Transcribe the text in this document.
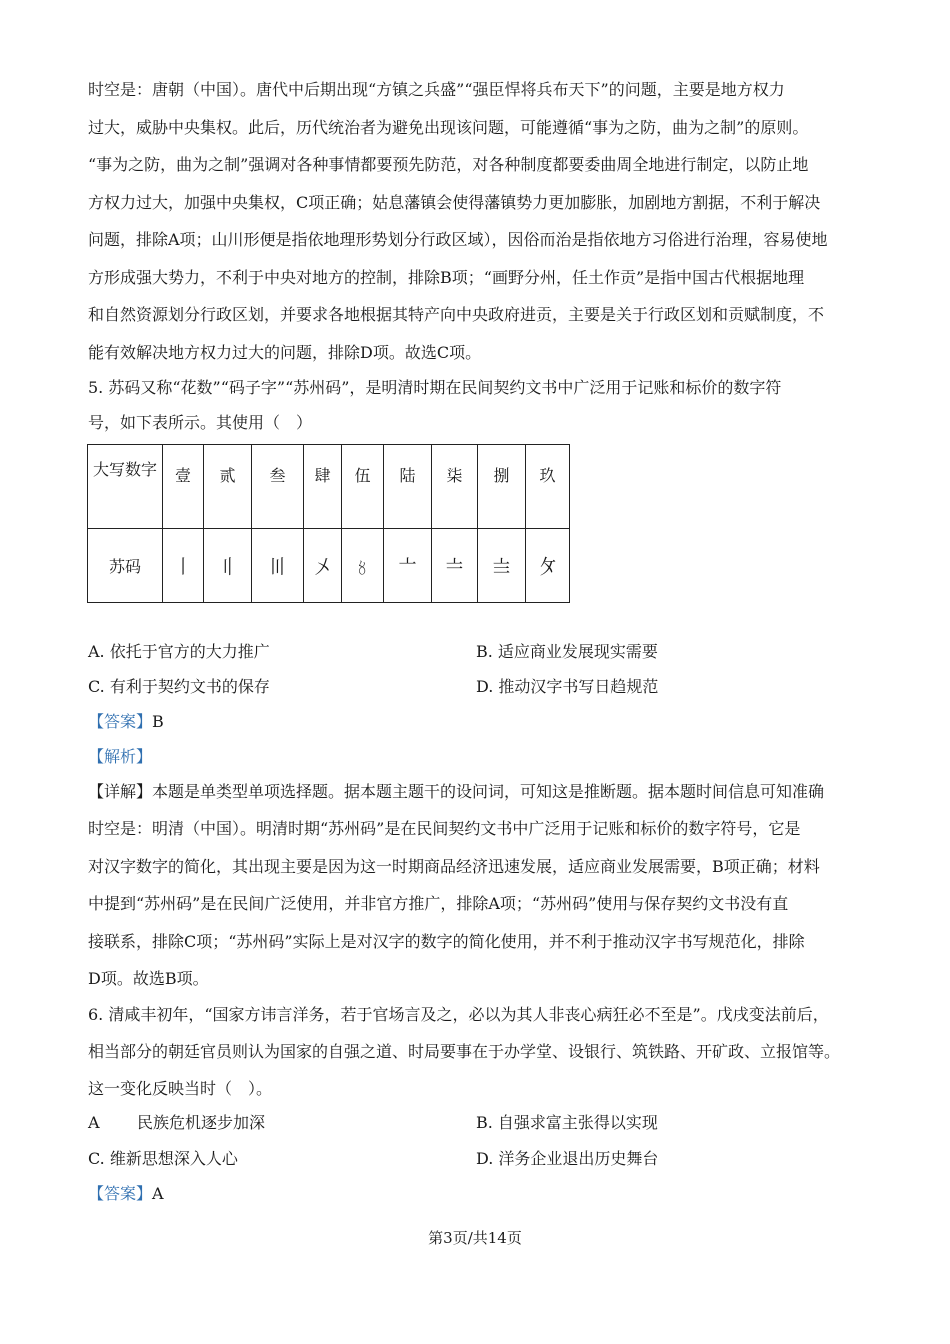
时空是：唐朝（中国）。唐代中后期出现“方镇之兵盛”“强臣悍将兵布天下”的问题，主要是地方权力
过大，威胁中央集权。此后，历代统治者为避免出现该问题，可能遵循“事为之防，曲为之制”的原则。
“事为之防，曲为之制”强调对各种事情都要预先防范，对各种制度都要委曲周全地进行制定，以防止地
方权力过大，加强中央集权，C项正确；姑息藩镇会使得藩镇势力更加膨胀，加剧地方割据，不利于解决
问题，排除A项；山川形便是指依地理形势划分行政区域），因俗而治是指依地方习俗进行治理，容易使地
方形成强大势力，不利于中央对地方的控制，排除B项；“画野分州，任土作贡”是指中国古代根据地理
和自然资源划分行政区划，并要求各地根据其特产向中央政府进贡，主要是关于行政区划和贡赋制度，不
能有效解决地方权力过大的问题，排除D项。故选C项。
5. 苏码又称“花数”“码子字”“苏州码”，是明清时期在民间契约文书中广泛用于记账和标价的数字符
号，如下表所示。其使用（　）
大写数字	壹	贰	叁	肆	伍	陆	柒	捌	玖
苏码	〡	〢	〣	〤	〥	〦	〧	〨	〩
A. 依托于官方的大力推广	B. 适应商业发展现实需要
C. 有利于契约文书的保存	D. 推动汉字书写日趋规范
【答案】B
【解析】
【详解】本题是单类型单项选择题。据本题主题干的设问词，可知这是推断题。据本题时间信息可知准确
时空是：明清（中国）。明清时期“苏州码”是在民间契约文书中广泛用于记账和标价的数字符号，它是
对汉字数字的简化，其出现主要是因为这一时期商品经济迅速发展，适应商业发展需要，B项正确；材料
中提到“苏州码”是在民间广泛使用，并非官方推广，排除A项；“苏州码”使用与保存契约文书没有直
接联系，排除C项；“苏州码”实际上是对汉字的数字的简化使用，并不利于推动汉字书写规范化，排除
D项。故选B项。
6. 清咸丰初年，“国家方讳言洋务，若于官场言及之，必以为其人非丧心病狂必不至是”。戊戌变法前后，
相当部分的朝廷官员则认为国家的自强之道、时局要事在于办学堂、设银行、筑铁路、开矿政、立报馆等。
这一变化反映当时（　）。
A 民族危机逐步加深	B. 自强求富主张得以实现
C. 维新思想深入人心	D. 洋务企业退出历史舞台
【答案】A
第3页/共14页
